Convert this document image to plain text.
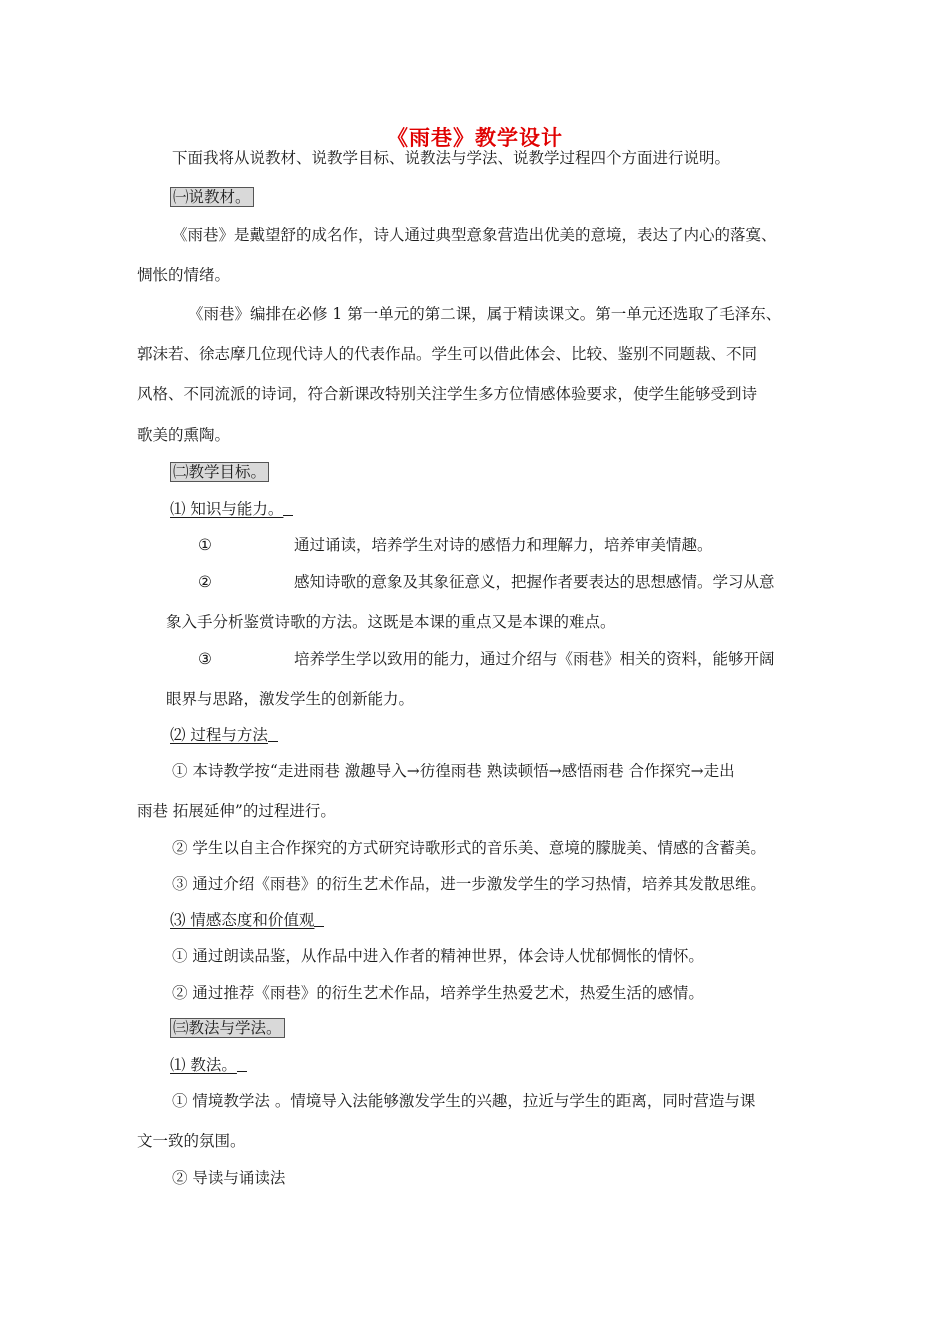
《雨巷》教学设计
下面我将从说教材、说教学目标、说教法与学法、说教学过程四个方面进行说明。
㈠说教材。
《雨巷》是戴望舒的成名作，诗人通过典型意象营造出优美的意境，表达了内心的落寞、
惆怅的情绪。
《雨巷》编排在必修 1 第一单元的第二课，属于精读课文。第一单元还选取了毛泽东、
郭沫若、徐志摩几位现代诗人的代表作品。学生可以借此体会、比较、鉴别不同题裁、不同
风格、不同流派的诗词，符合新课改特别关注学生多方位情感体验要求，使学生能够受到诗
歌美的熏陶。
㈡教学目标。
⑴ 知识与能力。
①	通过诵读，培养学生对诗的感悟力和理解力，培养审美情趣。
②	感知诗歌的意象及其象征意义，把握作者要表达的思想感情。学习从意
象入手分析鉴赏诗歌的方法。这既是本课的重点又是本课的难点。
③	培养学生学以致用的能力，通过介绍与《雨巷》相关的资料，能够开阔
眼界与思路，激发学生的创新能力。
⑵ 过程与方法
① 本诗教学按“走进雨巷 激趣导入→彷徨雨巷 熟读顿悟→感悟雨巷 合作探究→走出
雨巷 拓展延伸”的过程进行。
② 学生以自主合作探究的方式研究诗歌形式的音乐美、意境的朦胧美、情感的含蓄美。
③ 通过介绍《雨巷》的衍生艺术作品，进一步激发学生的学习热情，培养其发散思维。
⑶ 情感态度和价值观
① 通过朗读品鉴，从作品中进入作者的精神世界，体会诗人忧郁惆怅的情怀。
② 通过推荐《雨巷》的衍生艺术作品，培养学生热爱艺术，热爱生活的感情。
㈢教法与学法。
⑴ 教法。
① 情境教学法 。情境导入法能够激发学生的兴趣，拉近与学生的距离，同时营造与课
文一致的氛围。
② 导读与诵读法
